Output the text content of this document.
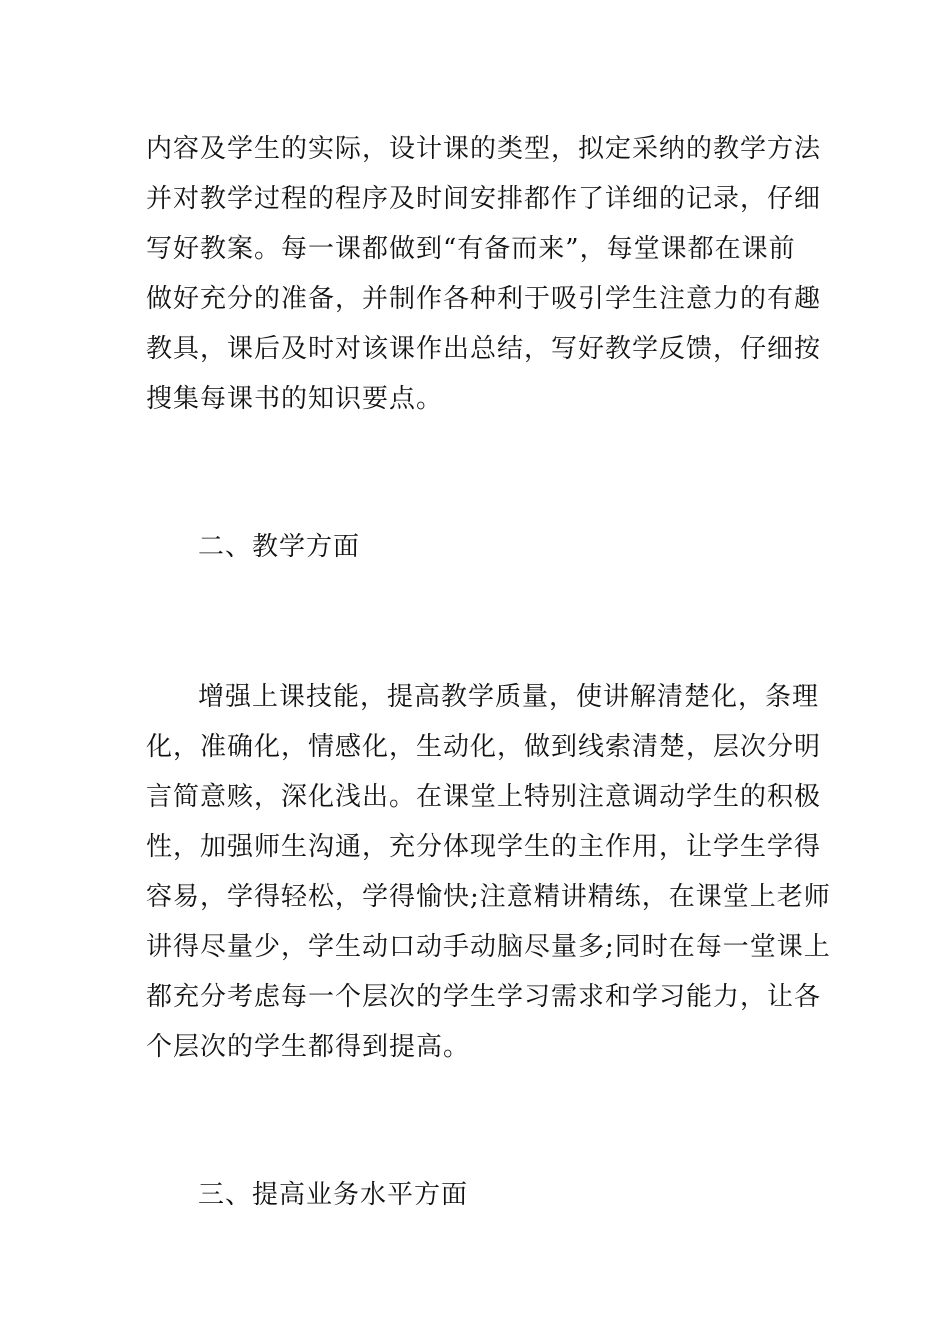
内容及学生的实际，设计课的类型，拟定采纳的教学方法
并对教学过程的程序及时间安排都作了详细的记录，仔细
写好教案。每一课都做到“有备而来”，每堂课都在课前
做好充分的准备，并制作各种利于吸引学生注意力的有趣
教具，课后及时对该课作出总结，写好教学反馈，仔细按
搜集每课书的知识要点。
二、教学方面
增强上课技能，提高教学质量，使讲解清楚化，条理
化，准确化，情感化，生动化，做到线索清楚，层次分明
言简意赅，深化浅出。在课堂上特别注意调动学生的积极
性，加强师生沟通，充分体现学生的主作用，让学生学得
容易，学得轻松，学得愉快;注意精讲精练，在课堂上老师
讲得尽量少，学生动口动手动脑尽量多;同时在每一堂课上
都充分考虑每一个层次的学生学习需求和学习能力，让各
个层次的学生都得到提高。
三、提高业务水平方面
